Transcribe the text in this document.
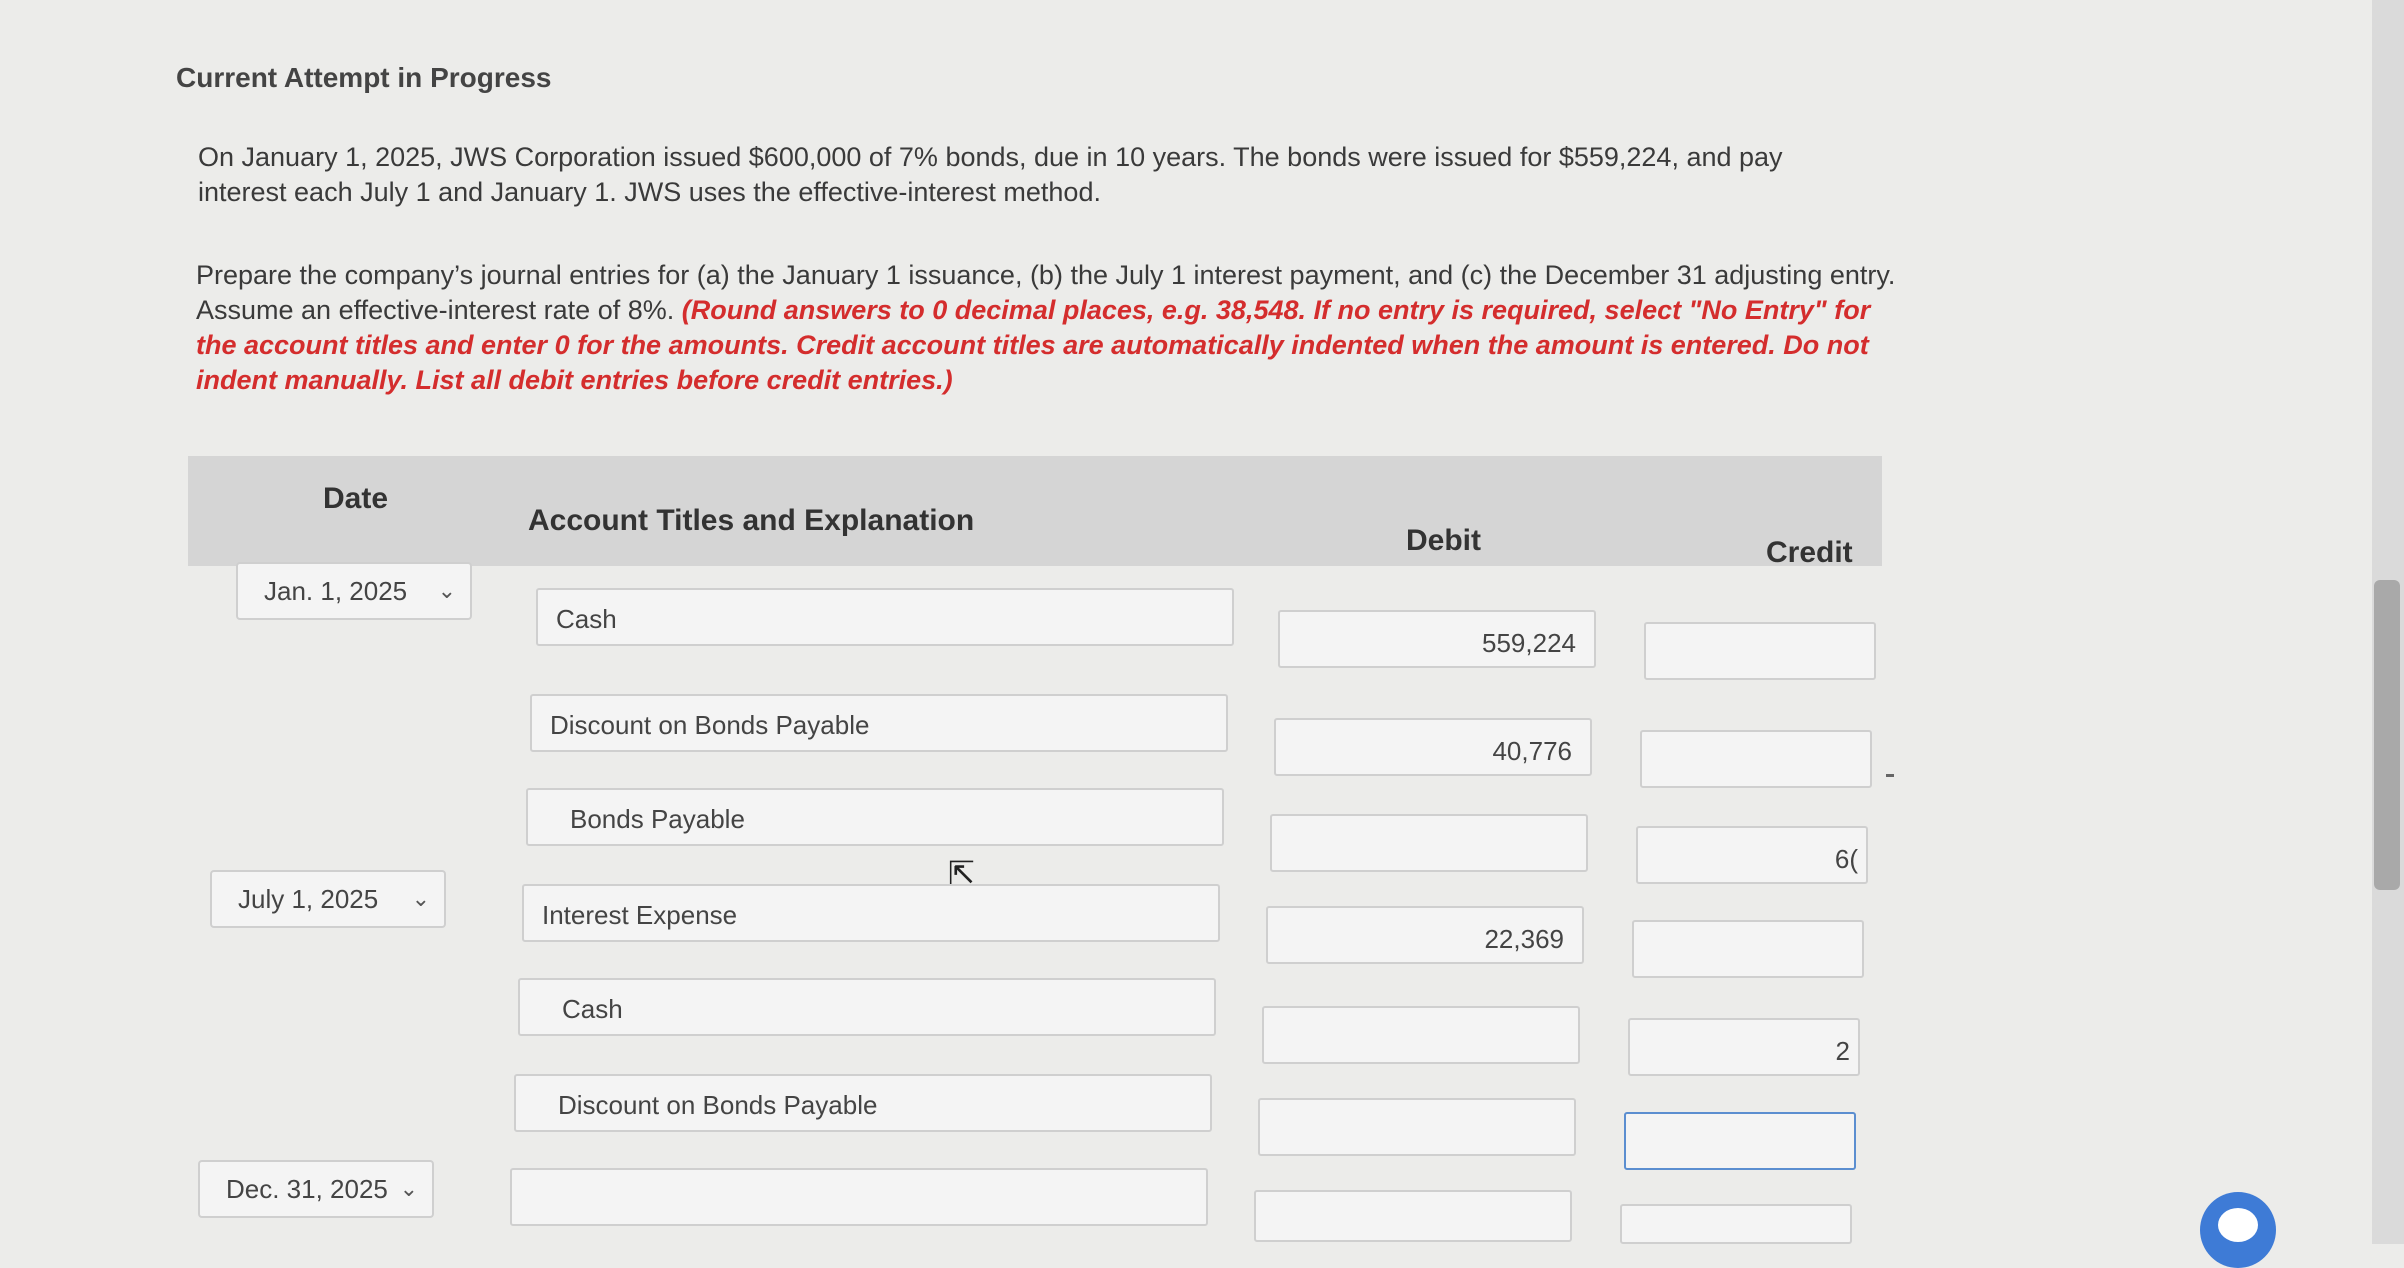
Current Attempt in Progress
On January 1, 2025, JWS Corporation issued $600,000 of 7% bonds, due in 10 years. The bonds were issued for $559,224, and pay interest each July 1 and January 1. JWS uses the effective-interest method.
Prepare the company’s journal entries for (a) the January 1 issuance, (b) the July 1 interest payment, and (c) the December 31 adjusting entry. Assume an effective-interest rate of 8%. (Round answers to 0 decimal places, e.g. 38,548. If no entry is required, select "No Entry" for the account titles and enter 0 for the amounts. Credit account titles are automatically indented when the amount is entered. Do not indent manually. List all debit entries before credit entries.)
Date
Account Titles and Explanation
Debit	Credit
Jan. 1, 2025 ⌄
July 1, 2025 ⌄
Dec. 31, 2025 ⌄
Cash
Discount on Bonds Payable
Bonds Payable
Interest Expense
Cash
Discount on Bonds Payable
559,224
40,776
22,369
6(
2
⇱
